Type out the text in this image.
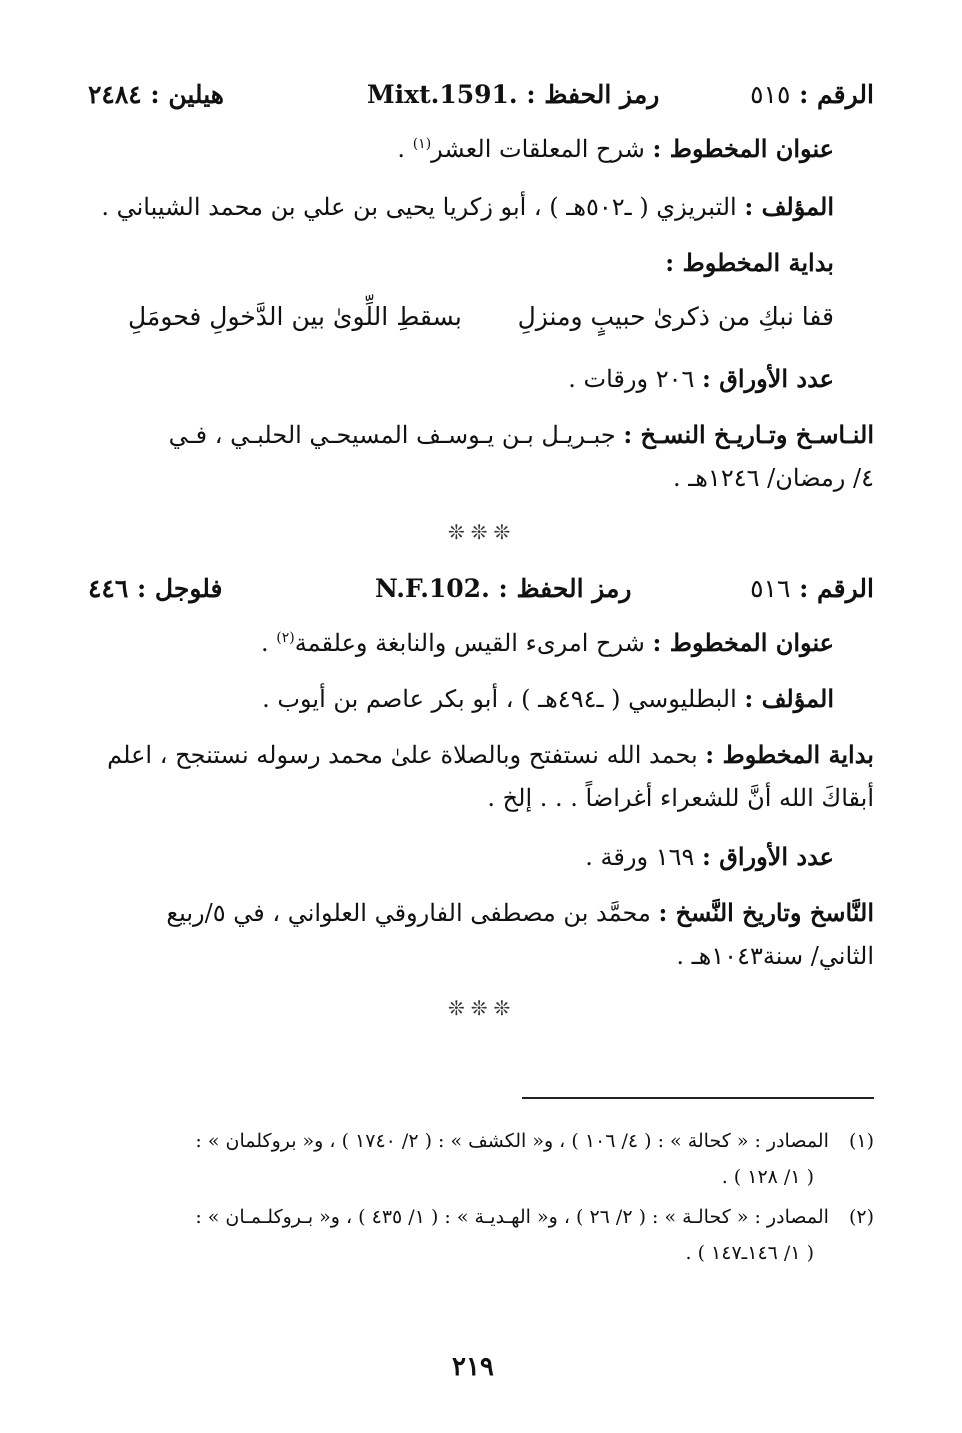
الرقم : ٥١٥
رمز الحفظ : Mixt.1591.
هيلين : ٢٤٨٤
عنوان المخطوط : شرح المعلقات العشر$^{(١)}$ .
المؤلف : التبريزي ( ـ٥٠٢هـ ) ، أبو زكريا يحيى بن علي بن محمد الشيباني .
بداية المخطوط :
قفا نبكِ من ذكرىٰ حبيبٍ ومنزلِ
بسقطِ اللِّوىٰ بين الدَّخولِ فحومَلِ
عدد الأوراق : ٢٠٦ ورقات .
النـاسـخ وتـاريـخ النسـخ : جبـريـل بـن يـوسـف المسيحـي الحلبـي ، فـي
٤/ رمضان/ ١٢٤٦هـ .
❊❊❊
الرقم : ٥١٦
رمز الحفظ : N.F.102.
فلوجل : ٤٤٦
عنوان المخطوط : شرح امرىء القيس والنابغة وعلقمة$^{(٢)}$ .
المؤلف : البطليوسي ( ـ٤٩٤هـ ) ، أبو بكر عاصم بن أيوب .
بداية المخطوط : بحمد الله نستفتح وبالصلاة علىٰ محمد رسوله نستنجح ، اعلم
أبقاكَ الله أنَّ للشعراء أغراضاً . . . إلخ .
عدد الأوراق : ١٦٩ ورقة .
النَّاسخ وتاريخ النَّسخ : محمَّد بن مصطفى الفاروقي العلواني ، في ٥/ربيع
الثاني/ سنة١٠٤٣هـ .
❊❊❊
(١) المصادر : « كحالة » : ( ٤/ ١٠٦ ) ، و« الكشف » : ( ٢/ ١٧٤٠ ) ، و« بروكلمان » :
( ١/ ١٢٨ ) .
(٢) المصادر : « كحالـة » : ( ٢/ ٢٦ ) ، و« الهـديـة » : ( ١/ ٤٣٥ ) ، و« بـروكلـمـان » :
( ١/ ١٤٦ـ١٤٧ ) .
٢١٩
